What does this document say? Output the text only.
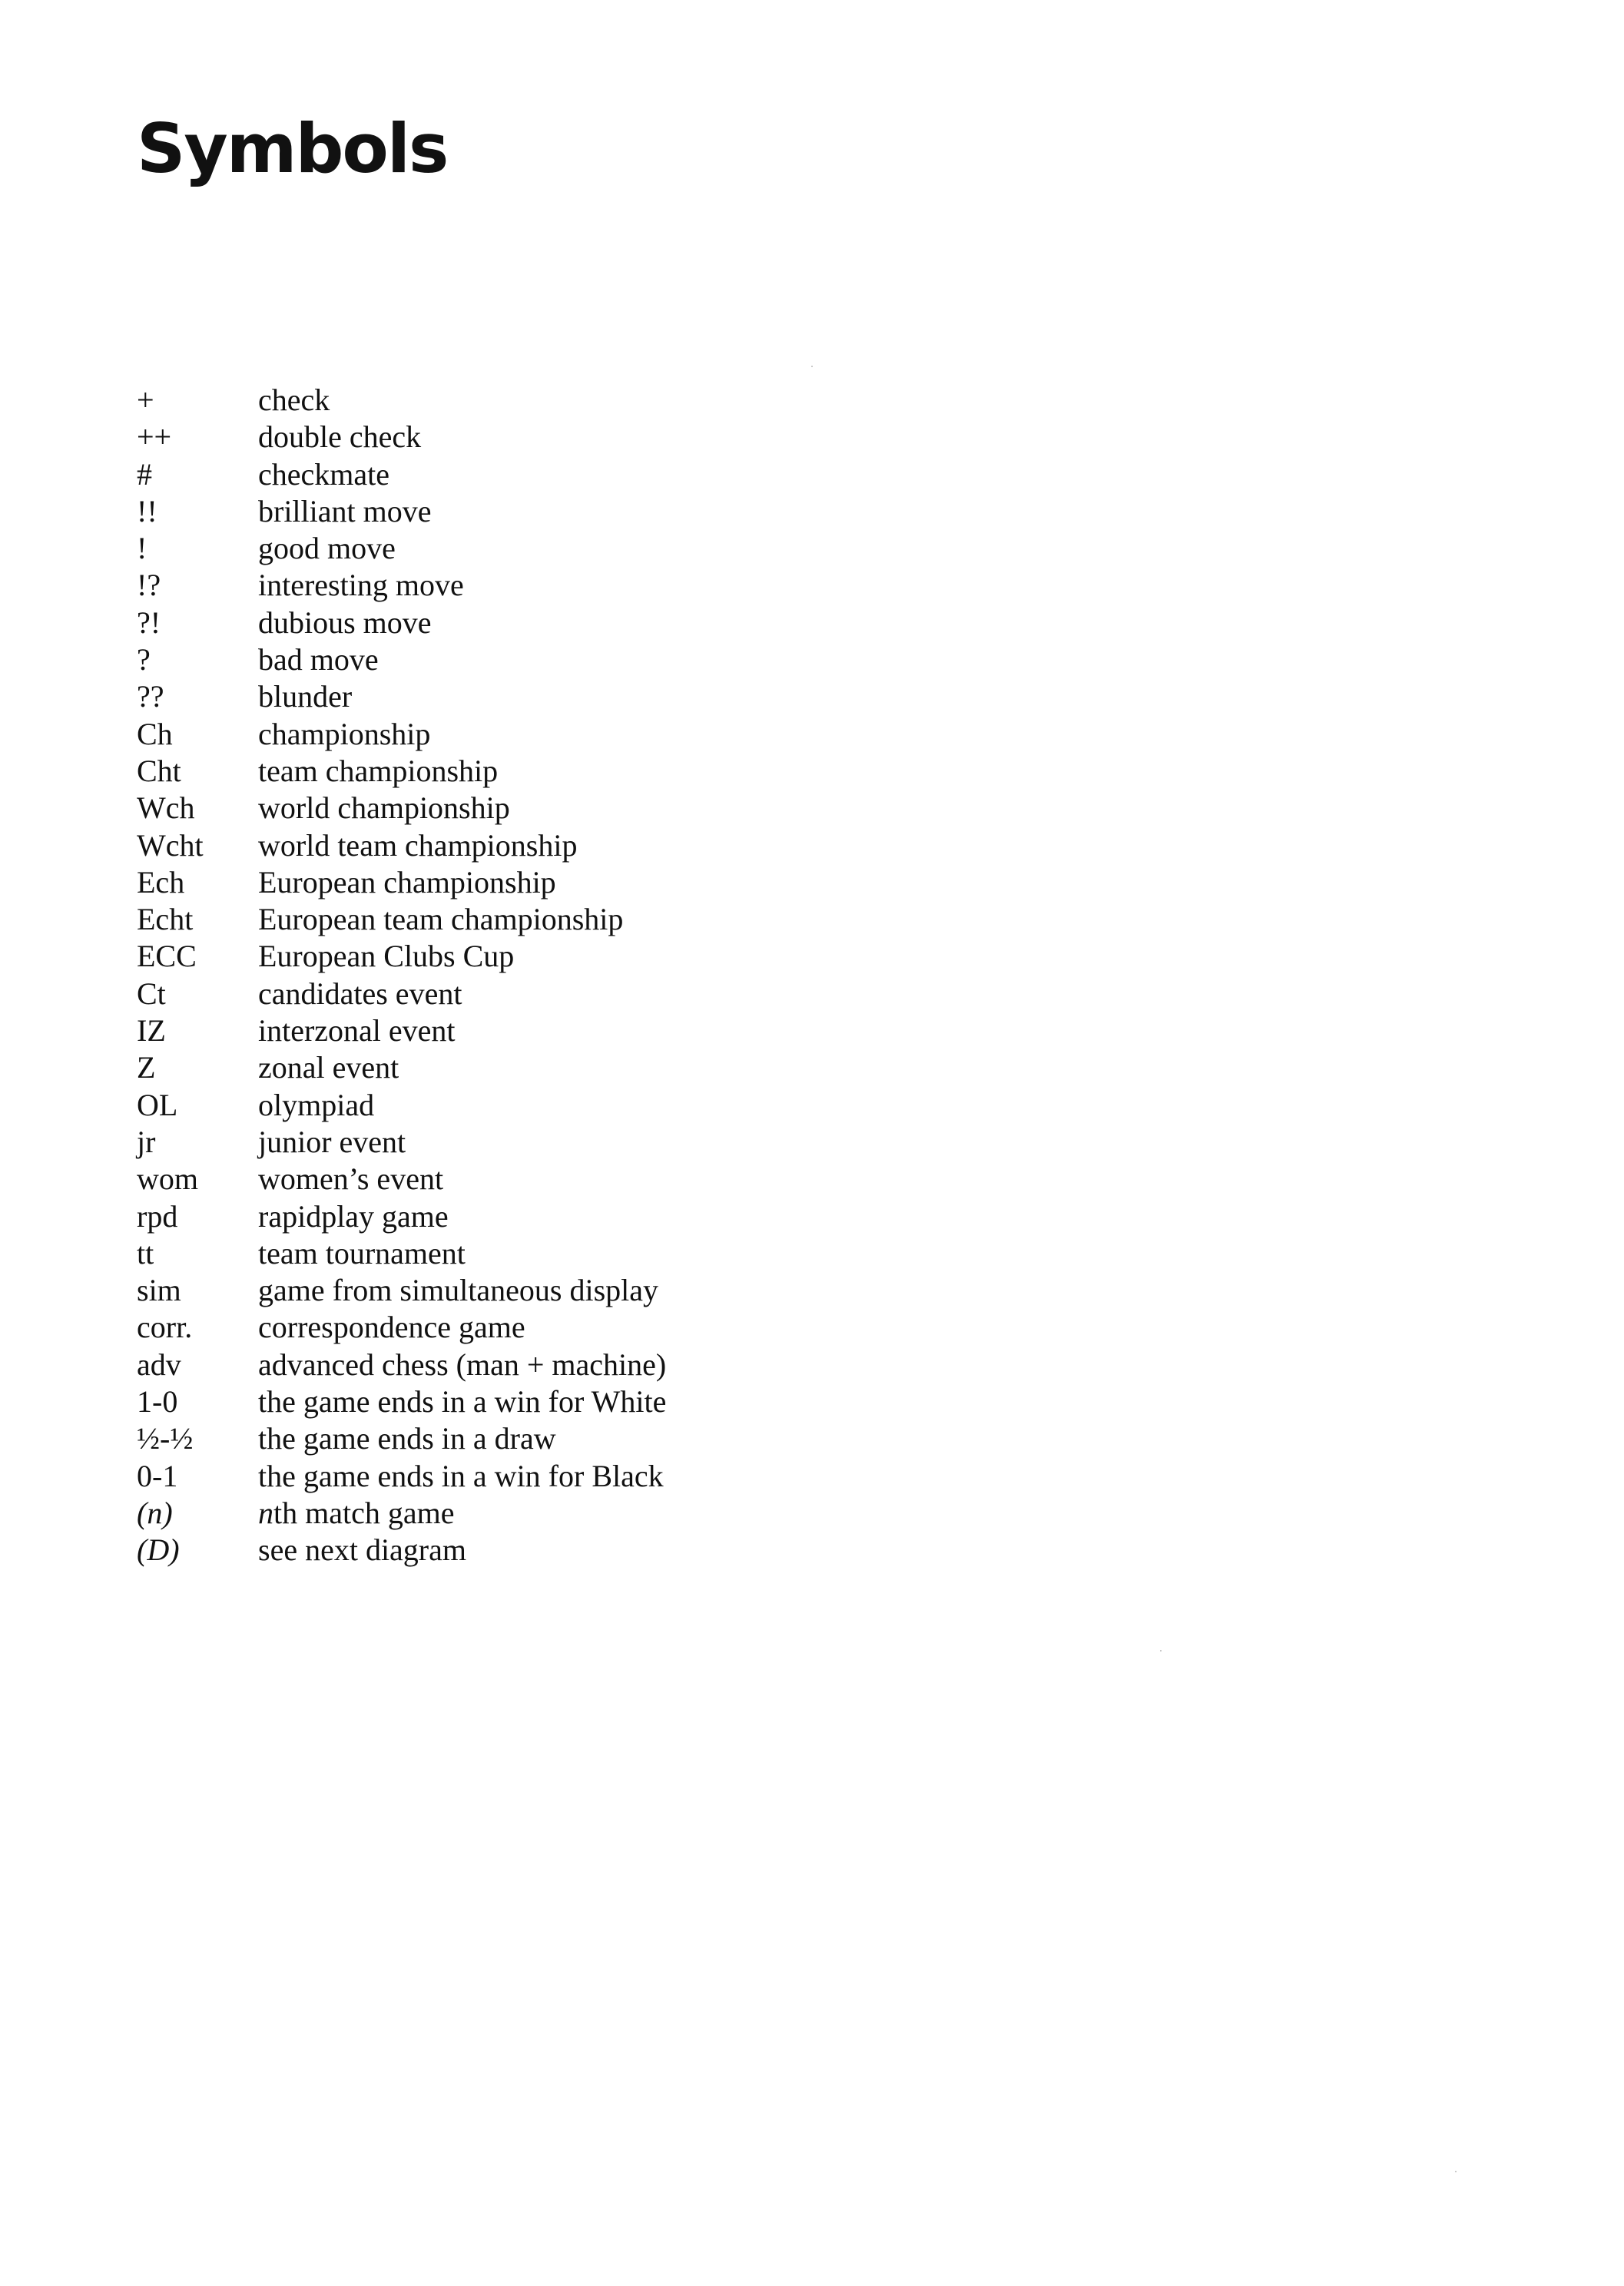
Symbols
+	check
++	double check
#	checkmate
!!	brilliant move
!	good move
!?	interesting move
?!	dubious move
?	bad move
??	blunder
Ch	championship
Cht	team championship
Wch	world championship
Wcht	world team championship
Ech	European championship
Echt	European team championship
ECC	European Clubs Cup
Ct	candidates event
IZ	interzonal event
Z	zonal event
OL	olympiad
jr	junior event
wom	women’s event
rpd	rapidplay game
tt	team tournament
sim	game from simultaneous display
corr.	correspondence game
adv	advanced chess (man + machine)
1-0	the game ends in a win for White
½-½	the game ends in a draw
0-1	the game ends in a win for Black
(n)	nth match game
(D)	see next diagram
